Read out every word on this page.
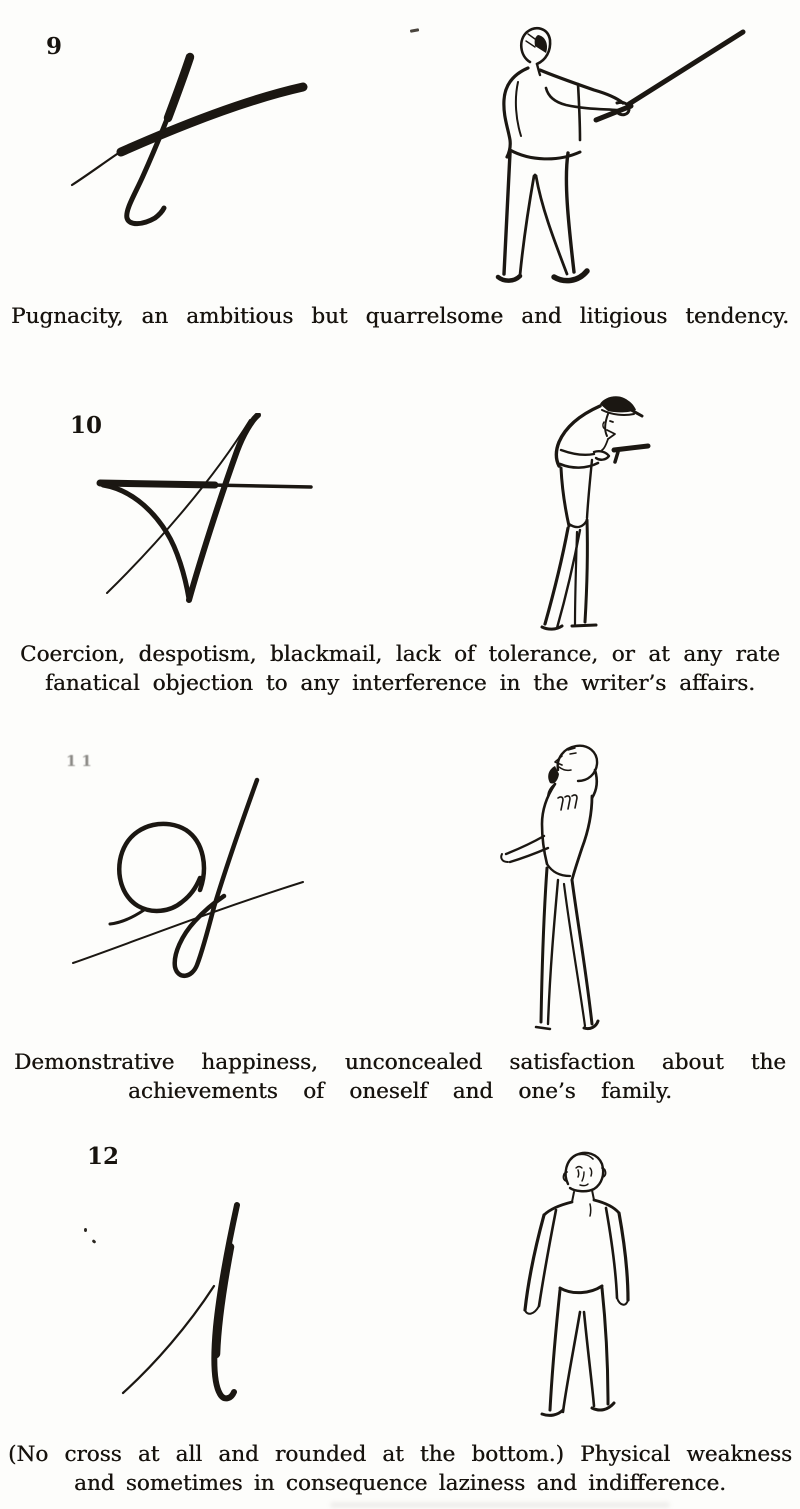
9
Pugnacity, an ambitious but quarrelsome and litigious tendency.
10
Coercion, despotism, blackmail, lack of tolerance, or at any rate
fanatical objection to any interference in the writer’s affairs.
11
Demonstrative happiness, unconcealed satisfaction about the
achievements of oneself and one’s family.
12
(No cross at all and rounded at the bottom.) Physical weakness
and sometimes in consequence laziness and indifference.
